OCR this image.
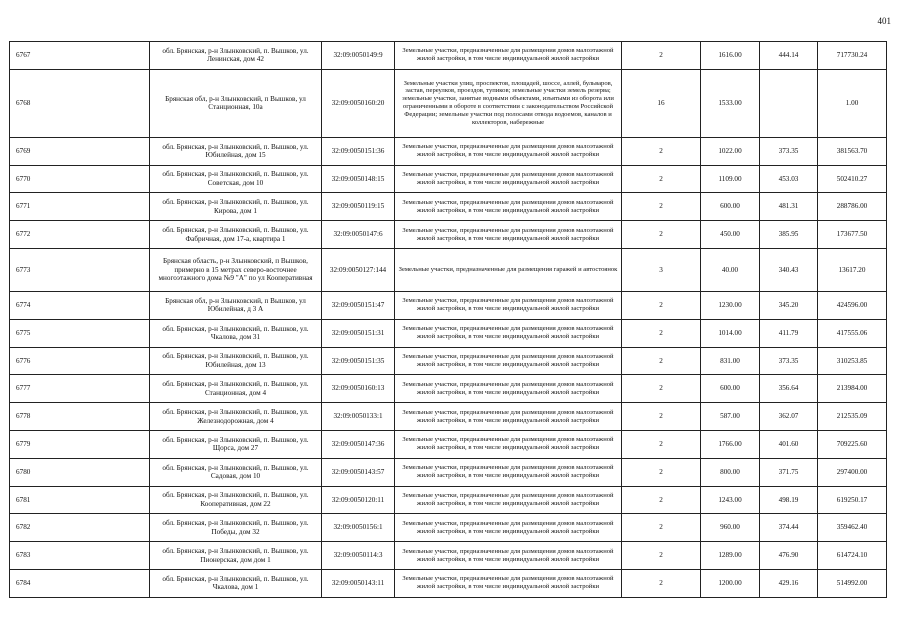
401
6767	обл. Брянская, р-н Злынковский, п. Вышков, ул. Ленинская, дом 42	32:09:0050149:9	Земельные участки, предназначенные для размещения домов малоэтажной жилой застройки, в том числе индивидуальной жилой застройки	2	1616.00	444.14	717730.24
6768	Брянская обл, р-н Злынковский, п Вышков, ул Станционная, 10а	32:09:0050160:20	Земельные участки улиц, проспектов, площадей, шоссе, аллей, бульваров, застав, переулков, проездов, тупиков; земельные участки земель резерва; земельные участки, занятые водными объектами, изъятыми из оборота или ограниченными в обороте в соответствии с законодательством Российской Федерации; земельные участки под полосами отвода водоемов, каналов и коллекторов, набережные	16	1533.00		1.00
6769	обл. Брянская, р-н Злынковский, п. Вышков, ул. Юбилейная, дом 15	32:09:0050151:36	Земельные участки, предназначенные для размещения домов малоэтажной жилой застройки, в том числе индивидуальной жилой застройки	2	1022.00	373.35	381563.70
6770	обл. Брянская, р-н Злынковский, п. Вышков, ул. Советская, дом 10	32:09:0050148:15	Земельные участки, предназначенные для размещения домов малоэтажной жилой застройки, в том числе индивидуальной жилой застройки	2	1109.00	453.03	502410.27
6771	обл. Брянская, р-н Злынковский, п. Вышков, ул. Кирова, дом 1	32:09:0050119:15	Земельные участки, предназначенные для размещения домов малоэтажной жилой застройки, в том числе индивидуальной жилой застройки	2	600.00	481.31	288786.00
6772	обл. Брянская, р-н Злынковский, п. Вышков, ул. Фабричная, дом 17-а, квартира 1	32:09:0050147:6	Земельные участки, предназначенные для размещения домов малоэтажной жилой застройки, в том числе индивидуальной жилой застройки	2	450.00	385.95	173677.50
6773	Брянская область, р-н Злынковский, п Вышков, примерно в 15 метрах северо-восточнее многоэтажного дома №9 "А" по ул Кооперативная	32:09:0050127:144	Земельные участки, предназначенные для размещения гаражей и автостоянок	3	40.00	340.43	13617.20
6774	Брянская обл, р-н Злынковский, п Вышков, ул Юбилейная, д 3 А	32:09:0050151:47	Земельные участки, предназначенные для размещения домов малоэтажной жилой застройки, в том числе индивидуальной жилой застройки	2	1230.00	345.20	424596.00
6775	обл. Брянская, р-н Злынковский, п. Вышков, ул. Чкалова, дом 31	32:09:0050151:31	Земельные участки, предназначенные для размещения домов малоэтажной жилой застройки, в том числе индивидуальной жилой застройки	2	1014.00	411.79	417555.06
6776	обл. Брянская, р-н Злынковский, п. Вышков, ул. Юбилейная, дом 13	32:09:0050151:35	Земельные участки, предназначенные для размещения домов малоэтажной жилой застройки, в том числе индивидуальной жилой застройки	2	831.00	373.35	310253.85
6777	обл. Брянская, р-н Злынковский, п. Вышков, ул. Станционная, дом 4	32:09:0050160:13	Земельные участки, предназначенные для размещения домов малоэтажной жилой застройки, в том числе индивидуальной жилой застройки	2	600.00	356.64	213984.00
6778	обл. Брянская, р-н Злынковский, п. Вышков, ул. Железнодорожная, дом 4	32:09:0050133:1	Земельные участки, предназначенные для размещения домов малоэтажной жилой застройки, в том числе индивидуальной жилой застройки	2	587.00	362.07	212535.09
6779	обл. Брянская, р-н Злынковский, п. Вышков, ул. Щорса, дом 27	32:09:0050147:36	Земельные участки, предназначенные для размещения домов малоэтажной жилой застройки, в том числе индивидуальной жилой застройки	2	1766.00	401.60	709225.60
6780	обл. Брянская, р-н Злынковский, п. Вышков, ул. Садовая, дом 10	32:09:0050143:57	Земельные участки, предназначенные для размещения домов малоэтажной жилой застройки, в том числе индивидуальной жилой застройки	2	800.00	371.75	297400.00
6781	обл. Брянская, р-н Злынковский, п. Вышков, ул. Кооперативная, дом 22	32:09:0050120:11	Земельные участки, предназначенные для размещения домов малоэтажной жилой застройки, в том числе индивидуальной жилой застройки	2	1243.00	498.19	619250.17
6782	обл. Брянская, р-н Злынковский, п. Вышков, ул. Победы, дом 32	32:09:0050156:1	Земельные участки, предназначенные для размещения домов малоэтажной жилой застройки, в том числе индивидуальной жилой застройки	2	960.00	374.44	359462.40
6783	обл. Брянская, р-н Злынковский, п. Вышков, ул. Пионерская, дом дом 1	32:09:0050114:3	Земельные участки, предназначенные для размещения домов малоэтажной жилой застройки, в том числе индивидуальной жилой застройки	2	1289.00	476.90	614724.10
6784	обл. Брянская, р-н Злынковский, п. Вышков, ул. Чкалова, дом 1	32:09:0050143:11	Земельные участки, предназначенные для размещения домов малоэтажной жилой застройки, в том числе индивидуальной жилой застройки	2	1200.00	429.16	514992.00
